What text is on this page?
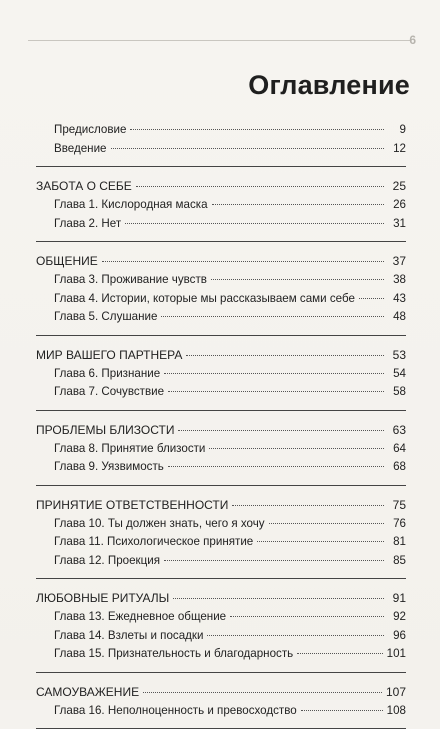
6
Оглавление
Предисловие	9
Введение	12
ЗАБОТА О СЕБЕ	25
Глава 1. Кислородная маска	26
Глава 2. Нет	31
ОБЩЕНИЕ	37
Глава 3. Проживание чувств	38
Глава 4. Истории, которые мы рассказываем сами себе	43
Глава 5. Слушание	48
МИР ВАШЕГО ПАРТНЕРА	53
Глава 6. Признание	54
Глава 7. Сочувствие	58
ПРОБЛЕМЫ БЛИЗОСТИ	63
Глава 8. Принятие близости	64
Глава 9. Уязвимость	68
ПРИНЯТИЕ ОТВЕТСТВЕННОСТИ	75
Глава 10. Ты должен знать, чего я хочу	76
Глава 11. Психологическое принятие	81
Глава 12. Проекция	85
ЛЮБОВНЫЕ РИТУАЛЫ	91
Глава 13. Ежедневное общение	92
Глава 14. Взлеты и посадки	96
Глава 15. Признательность и благодарность	101
САМОУВАЖЕНИЕ	107
Глава 16. Неполноценность и превосходство	108
